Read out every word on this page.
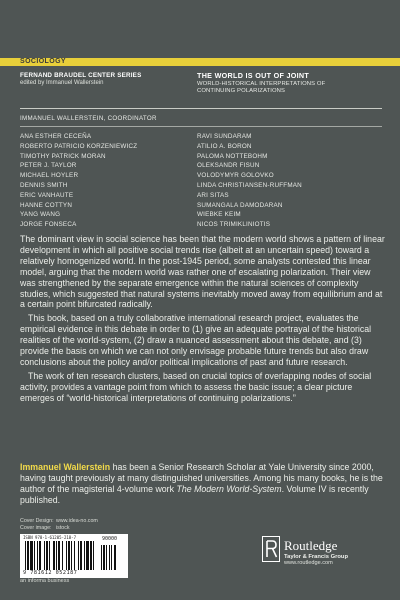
SOCIOLOGY
FERNAND BRAUDEL CENTER SERIES
edited by Immanuel Wallerstein
THE WORLD IS OUT OF JOINT
WORLD-HISTORICAL INTERPRETATIONS OF
CONTINUING POLARIZATIONS
IMMANUEL WALLERSTEIN, COORDINATOR
ANA ESTHER CECEÑA
ROBERTO PATRICIO KORZENIEWICZ
TIMOTHY PATRICK MORAN
PETER J. TAYLOR
MICHAEL HOYLER
DENNIS SMITH
ERIC VANHAUTE
HANNE COTTYN
YANG WANG
JORGE FONSECA
RAVI SUNDARAM
ATILIO A. BORON
PALOMA NOTTEBOHM
OLEKSANDR FISUN
VOLODYMYR GOLOVKO
LINDA CHRISTIANSEN-RUFFMAN
ARI SITAS
SUMANGALA DAMODARAN
WIEBKE KEIM
NICOS TRIMIKLINIOTIS

The dominant view in social science has been that the modern world shows a pattern of linear development in which all positive social trends rise (albeit at an uncertain speed) toward a relatively homogenized world. In the post-1945 period, some analysts contested this linear model, arguing that the modern world was rather one of escalating polarization. Their view was strengthened by the separate emergence within the natural sciences of complexity studies, which suggested that natural systems inevitably moved away from equilibrium and at a certain point bifurcated radically.

This book, based on a truly collaborative international research project, evaluates the empirical evidence in this debate in order to (1) give an adequate portrayal of the historical realities of the world-system, (2) draw a nuanced assessment about this debate, and (3) provide the basis on which we can not only envisage probable future trends but also draw conclusions about the policy and/or political implications of past and future research.

The work of ten research clusters, based on crucial topics of overlapping nodes of social activity, provides a vantage point from which to assess the basic issue; a clear picture emerges of “world-historical interpretations of continuing polarizations.”

Immanuel Wallerstein has been a Senior Research Scholar at Yale University since 2000, having taught previously at many distinguished universities. Among his many books, he is the author of the magisterial 4-volume work The Modern World-System. Volume IV is recently published.
Cover Design: www.idea-no.com
Cover image: istock
ISBN 978-1-61205-218-7	90000
9 781612 052187
an informa business
Routledge
Taylor & Francis Group
www.routledge.com
